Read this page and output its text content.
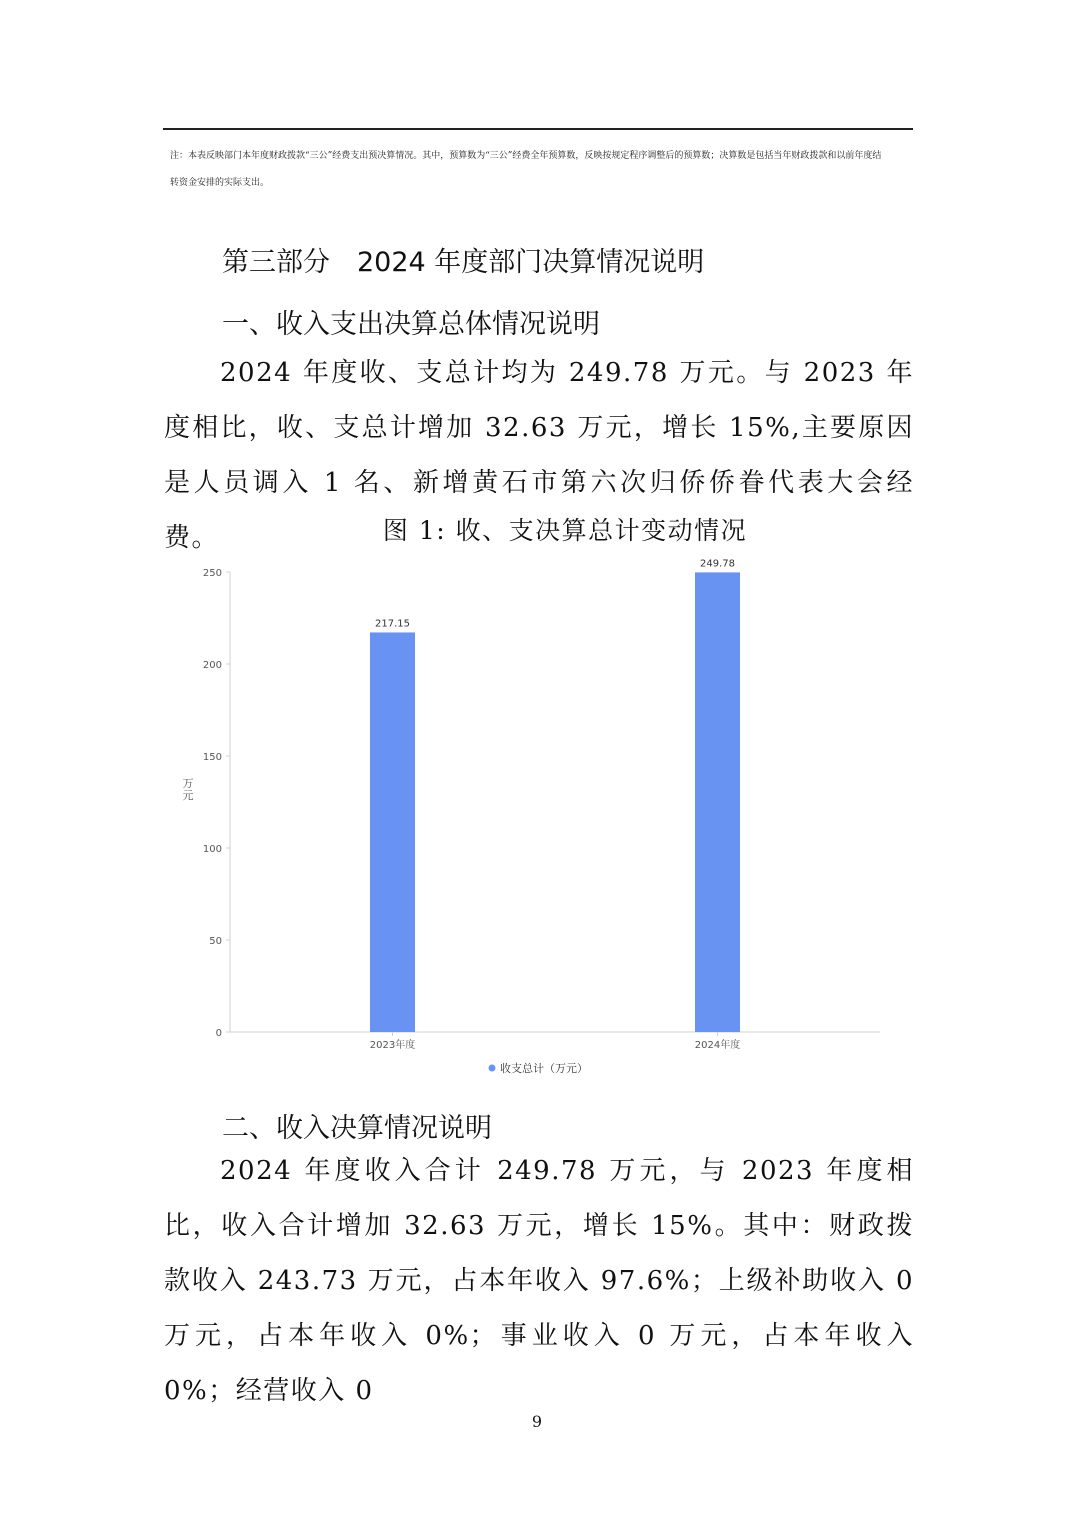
注：本表反映部门本年度财政拨款“三公”经费支出预决算情况。其中，预算数为“三公”经费全年预算数，反映按规定程序调整后的预算数；决算数是包括当年财政拨款和以前年度结
转资金安排的实际支出。
第三部分　2024 年度部门决算情况说明
一、收入支出决算总体情况说明
2024 年度收、支总计均为 249.78 万元。与 2023 年度相比，收、支总计增加 32.63 万元，增长 15%,主要原因是人员调入 1 名、新增黄石市第六次归侨侨眷代表大会经费。	图 1: 收、支决算总计变动情况
0
50
100
150
200
250
2023年度	2024年度
217.15
249.78
万元
收支总计（万元）
二、收入决算情况说明
2024 年度收入合计 249.78 万元，与 2023 年度相比，收入合计增加 32.63 万元，增长 15%。其中：财政拨款收入 243.73 万元，占本年收入 97.6%；上级补助收入 0 万元，占本年收入 0%；事业收入 0 万元，占本年收入 0%；经营收入 0
9
